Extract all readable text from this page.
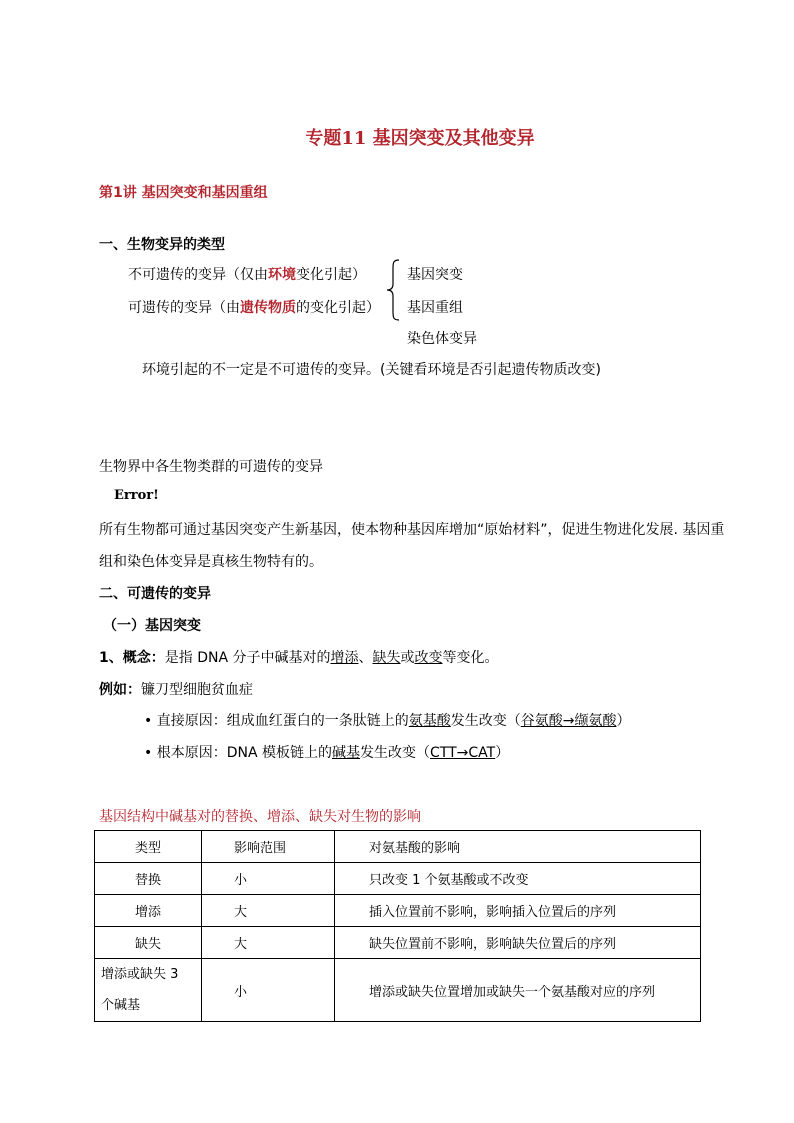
专题11 基因突变及其他变异
第1讲 基因突变和基因重组
一、生物变异的类型
不可遗传的变异（仅由环境变化引起）
可遗传的变异（由遗传物质的变化引起）
基因突变
基因重组
染色体变异
环境引起的不一定是不可遗传的变异。(关键看环境是否引起遗传物质改变)
生物界中各生物类群的可遗传的变异
Error!
所有生物都可通过基因突变产生新基因，使本物种基因库增加“原始材料”，促进生物进化发展. 基因重
组和染色体变异是真核生物特有的。
二、可遗传的变异
（一）基因突变
1、概念：是指 DNA 分子中碱基对的增添、缺失或改变等变化。
例如：镰刀型细胞贫血症
• 直接原因：组成血红蛋白的一条肽链上的氨基酸发生改变（谷氨酸→缬氨酸）
• 根本原因：DNA 模板链上的碱基发生改变（CTT→CAT）
基因结构中碱基对的替换、增添、缺失对生物的影响
类型	影响范围	对氨基酸的影响
替换	小	只改变 1 个氨基酸或不改变
增添	大	插入位置前不影响，影响插入位置后的序列
缺失	大	缺失位置前不影响，影响缺失位置后的序列

增添或缺失 3
个碱基	小	增添或缺失位置增加或缺失一个氨基酸对应的序列
